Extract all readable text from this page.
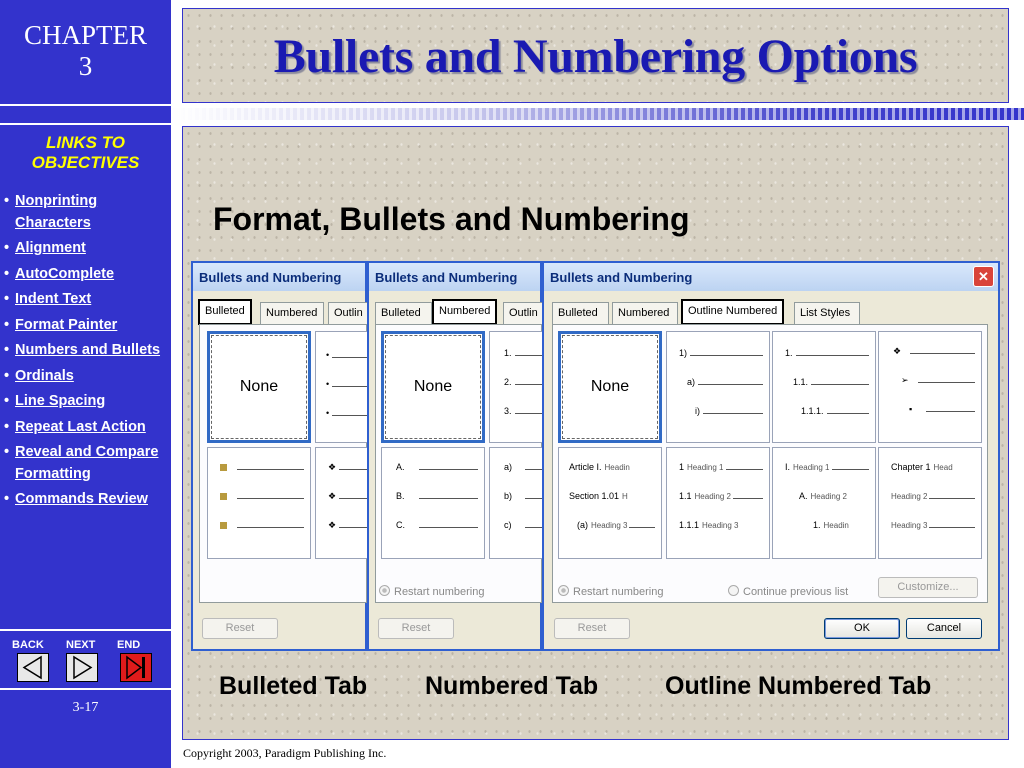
CHAPTER
3
LINKS TO OBJECTIVES
• Nonprinting Characters
• Alignment
• AutoComplete
• Indent Text
• Format Painter
• Numbers and Bullets
• Ordinals
• Line Spacing
• Repeat Last Action
• Reveal and Compare Formatting
• Commands Review
BACK NEXT END
3-17
Bullets and Numbering Options
Format, Bullets and Numbering
Bulleted Tab Numbered Tab	Outline Numbered Tab
Bullets and Numbering
Bulleted	Numbered	Outlin
None
•
•
•
❖
❖
❖
Reset
Bullets and Numbering
Bulleted	Numbered	Outlin
None
1.
2.
3.
A.
B.
C.
a)
b)
c)
Restart numbering
Reset
Bullets and Numbering	✕
Bulleted	Numbered	Outline Numbered	List Styles
None
1)
a)
i)
1.
1.1.
1.1.1.
❖
➢
▪
Article I. Headin
Section 1.01 H
(a) Heading 3
1 Heading 1
1.1 Heading 2
1.1.1 Heading 3
I. Heading 1
A. Heading 2
1. Headin
Chapter 1 Head
Heading 2
Heading 3
Restart numbering	Continue previous list	Customize...
Reset	OK	Cancel
Copyright 2003, Paradigm Publishing Inc.
